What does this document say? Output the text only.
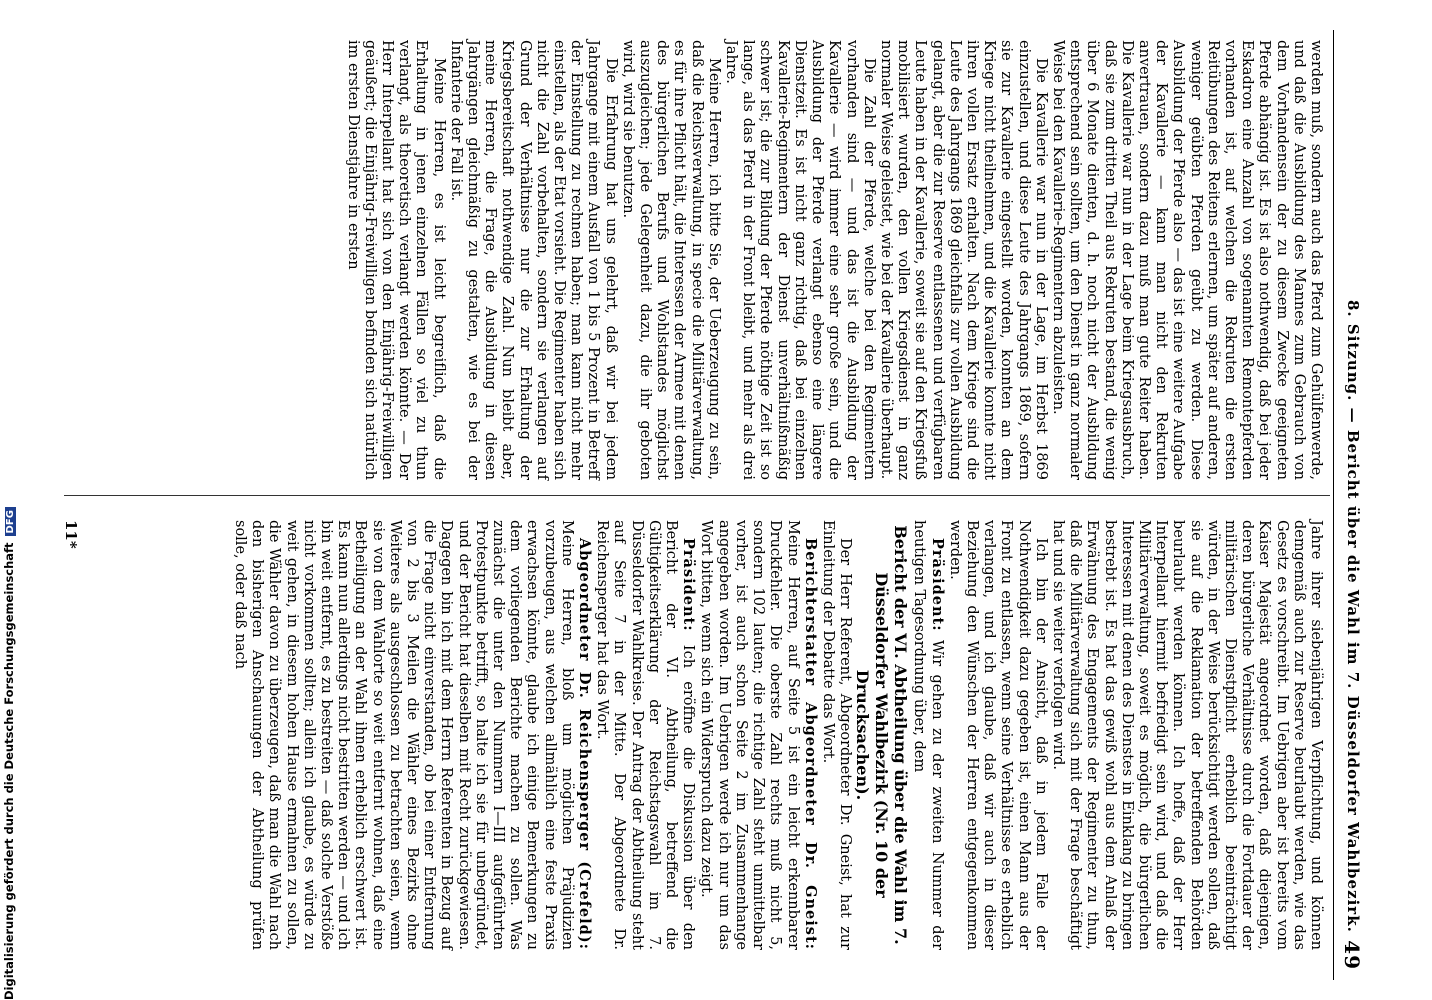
8. Sitzung. — Bericht über die Wahl im 7. Düsseldorfer Wahlbezirk.
49

werden muß, sondern auch das Pferd zum Gehülfenwerde, und daß die Ausbildung des Mannes zum Gebrauch von dem Vorhandensein der zu diesem Zwecke geeigneten Pferde abhängig ist. Es ist also nothwendig, daß bei jeder Eskadron eine Anzahl von sogenannten Remontepferden vorhanden ist, auf welchen die Rekruten die ersten Reitübungen des Reitens erlernen, um später auf anderen, weniger geübten Pferden geübt zu werden. Diese Ausbildung der Pferde also — das ist eine weitere Aufgabe der Kavallerie — kann man nicht den Rekruten anvertrauen, sondern dazu muß man gute Reiter haben. Die Kavallerie war nun in der Lage beim Kriegsausbruch, daß sie zum dritten Theil aus Rekruten bestand, die wenig über 6 Monate dienten, d. h. noch nicht der Ausbildung entsprechend sein sollten, um den Dienst in ganz normaler Weise bei den Kavallerie-Regimentern abzuleisten.

Die Kavallerie war nun in der Lage, im Herbst 1869 einzustellen, und diese Leute des Jahrgangs 1869, sofern sie zur Kavallerie eingestellt worden, konnten an dem Kriege nicht theilnehmen, und die Kavallerie konnte nicht ihren vollen Ersatz erhalten. Nach dem Kriege sind die Leute des Jahrgangs 1869 gleichfalls zur vollen Ausbildung gelangt, aber die zur Reserve entlassenen und verfügbaren Leute haben in der Kavallerie, soweit sie auf den Kriegsfuß mobilisiert wurden, den vollen Kriegsdienst in ganz normaler Weise geleistet, wie bei der Kavallerie überhaupt.

Die Zahl der Pferde, welche bei den Regimentern vorhanden sind — und das ist die Ausbildung der Kavallerie — wird immer eine sehr große sein, und die Ausbildung der Pferde verlangt ebenso eine längere Dienstzeit. Es ist nicht ganz richtig, daß bei einzelnen Kavallerie-Regimentern der Dienst unverhältnißmäßig schwer ist; die zur Bildung der Pferde nöthige Zeit ist so lange, als das Pferd in der Front bleibt, und mehr als drei Jahre.

Meine Herren, ich bitte Sie, der Ueberzeugung zu sein, daß die Reichsverwaltung, in specie die Militärverwaltung, es für ihre Pflicht hält, die Interessen der Armee mit denen des bürgerlichen Berufs und Wohlstandes möglichst auszugleichen; jede Gelegenheit dazu, die ihr geboten wird, wird sie benutzen.

Die Erfahrung hat uns gelehrt, daß wir bei jedem Jahrgange mit einem Ausfall von 1 bis 5 Prozent in Betreff der Einstellung zu rechnen haben; man kann nicht mehr einstellen, als der Etat vorsieht. Die Regimenter haben sich nicht die Zahl vorbehalten, sondern sie verlangen auf Grund der Verhältnisse nur die zur Erhaltung der Kriegsbereitschaft nothwendige Zahl. Nun bleibt aber, meine Herren, die Frage, die Ausbildung in diesen Jahrgängen gleichmäßig zu gestalten, wie es bei der Infanterie der Fall ist.

Meine Herren, es ist leicht begreiflich, daß die Erhaltung in jenen einzelnen Fällen so viel zu thun verlangt, als theoretisch verlangt werden könnte. — Der Herr Interpellant hat sich von den Einjährig-Freiwilligen geäußert; die Einjährig-Freiwilligen befinden sich natürlich im ersten Dienstjahre in ersten

Jahre ihrer siebenjährigen Verpflichtung, und können demgemäß auch zur Reserve beurlaubt werden, wie das Gesetz es vorschreibt. Im Uebrigen aber ist bereits vom Kaiser Majestät angeordnet worden, daß diejenigen, deren bürgerliche Verhältnisse durch die Fortdauer der militärischen Dienstpflicht erheblich beeinträchtigt würden, in der Weise berücksichtigt werden sollen, daß sie auf die Reklamation der betreffenden Behörden beurlaubt werden können. Ich hoffe, daß der Herr Interpellant hiermit befriedigt sein wird, und daß die Militärverwaltung, soweit es möglich, die bürgerlichen Interessen mit denen des Dienstes in Einklang zu bringen bestrebt ist. Es hat das gewiß wohl aus dem Anlaß der Erwähnung des Engagements der Regimenter zu thun, daß die Militärverwaltung sich mit der Frage beschäftigt hat und sie weiter verfolgen wird.

Ich bin der Ansicht, daß in jedem Falle der Nothwendigkeit dazu gegeben ist, einen Mann aus der Front zu entlassen, wenn seine Verhältnisse es erheblich verlangen, und ich glaube, daß wir auch in dieser Beziehung den Wünschen der Herren entgegenkommen werden.

Präsident: Wir gehen zu der zweiten Nummer der heutigen Tagesordnung über, dem

Bericht der VI. Abtheilung über die Wahl im 7. Düsseldorfer Wahlbezirk (Nr. 10 der Drucksachen).

Der Herr Referent, Abgeordneter Dr. Gneist, hat zur Einleitung der Debatte das Wort.

Berichterstatter Abgeordneter Dr. Gneist: Meine Herren, auf Seite 5 ist ein leicht erkennbarer Druckfehler. Die oberste Zahl rechts muß nicht 5, sondern 102 lauten; die richtige Zahl steht unmittelbar vorher, ist auch schon Seite 2 im Zusammenhange angegeben worden. Im Uebrigen werde ich nur um das Wort bitten, wenn sich ein Widerspruch dazu zeigt.

Präsident: Ich eröffne die Diskussion über den Bericht der VI. Abtheilung, betreffend die Gültigkeitserklärung der Reichstagswahl im 7. Düsseldorfer Wahlkreise. Der Antrag der Abtheilung steht auf Seite 7 in der Mitte. Der Abgeordnete Dr. Reichensperger hat das Wort.

Abgeordneter Dr. Reichensperger (Crefeld): Meine Herren, bloß um möglichen Präjudizien vorzubeugen, aus welchen allmählich eine feste Praxis erwachsen könnte, glaube ich einige Bemerkungen zu dem vorliegenden Berichte machen zu sollen. Was zunächst die unter den Nummern I—III aufgeführten Protestpunkte betrifft, so halte ich sie für unbegründet, und der Bericht hat dieselben mit Recht zurückgewiesen. Dagegen bin ich mit dem Herrn Referenten in Bezug auf die Frage nicht einverstanden, ob bei einer Entfernung von 2 bis 3 Meilen die Wähler eines Bezirks ohne Weiteres als ausgeschlossen zu betrachten seien, wenn sie von dem Wahlorte so weit entfernt wohnen, daß eine Betheiligung an der Wahl ihnen erheblich erschwert ist. Es kann nun allerdings nicht bestritten werden — und ich bin weit entfernt, es zu bestreiten — daß solche Verstöße nicht vorkommen sollten; allein ich glaube, es würde zu weit gehen, in diesem hohen Hause ermahnen zu sollen, die Wähler davon zu überzeugen, daß man die Wahl nach den bisherigen Anschauungen der Abtheilung prüfen solle, oder daß nach

11*
Digitalisierung gefördert durch die Deutsche ForschungsgemeinschaftDFG
